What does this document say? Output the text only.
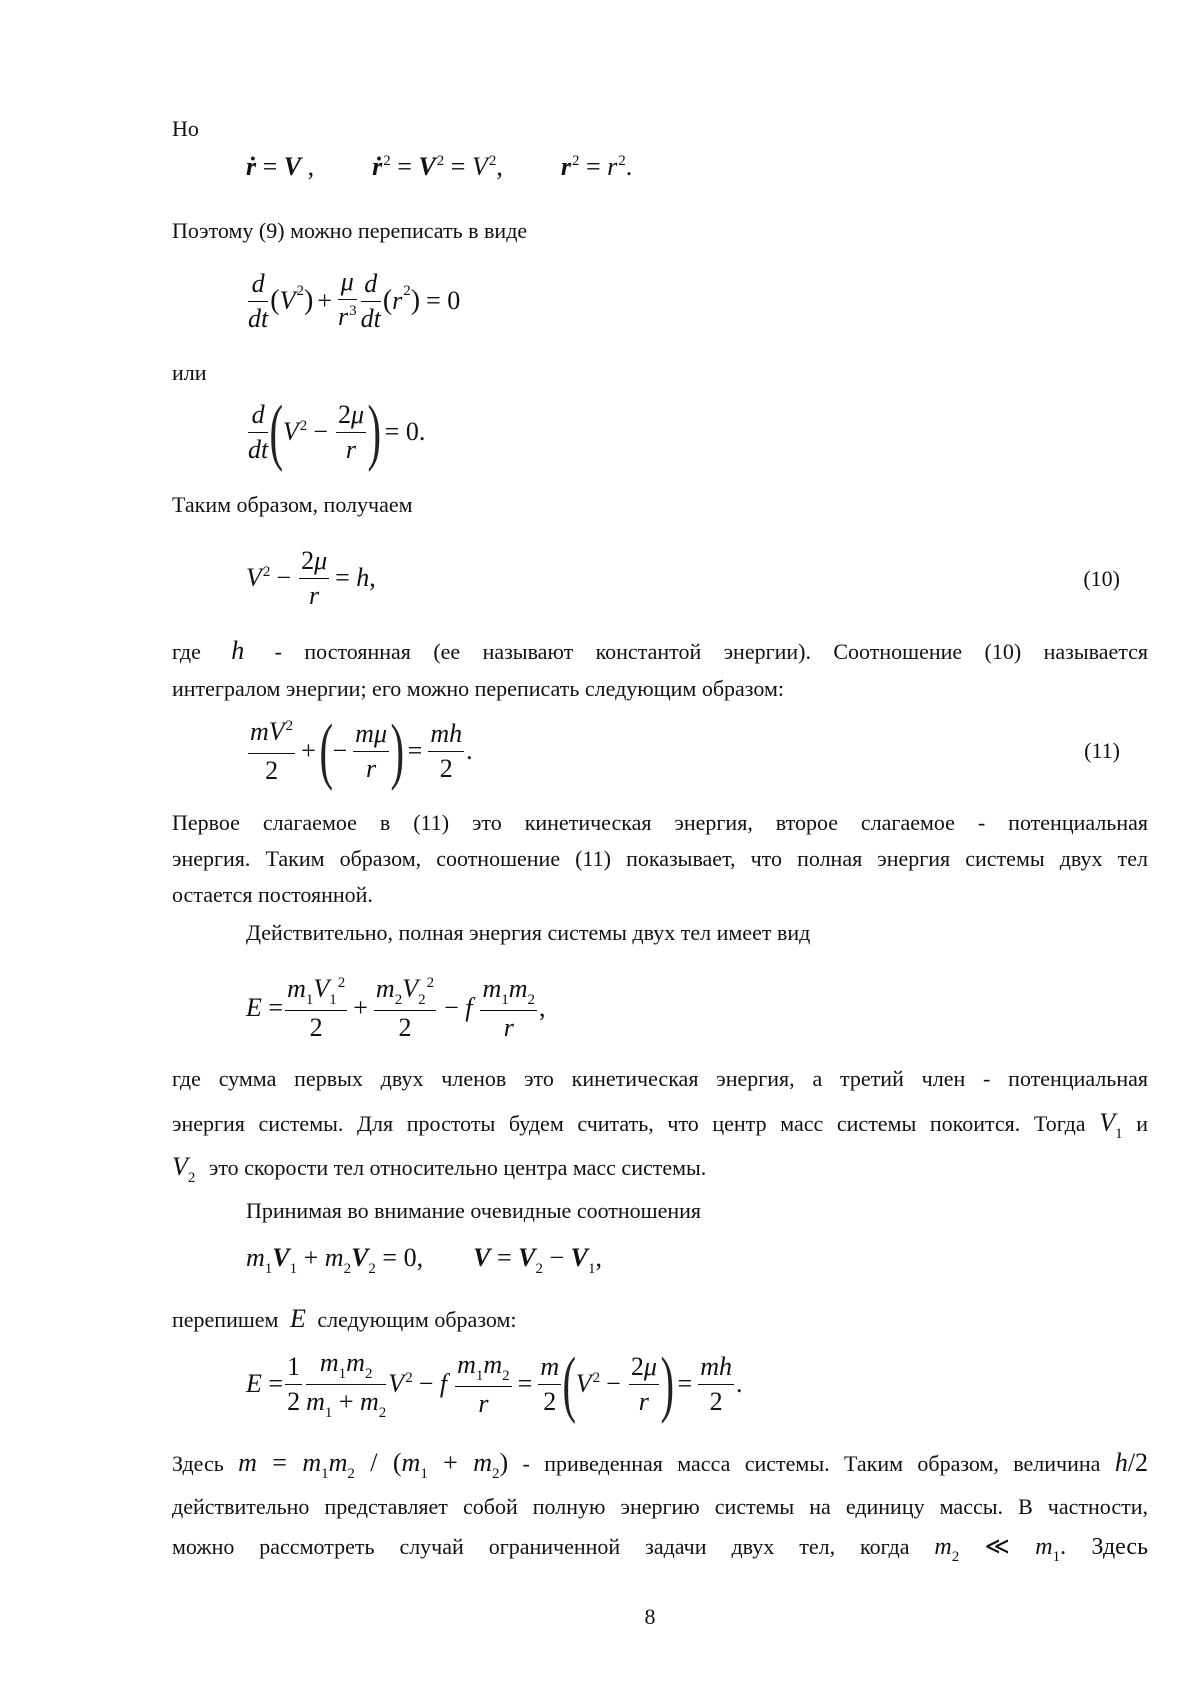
Но
ṙ = V , ṙ$^2$ = $V^2 = V^2$, $r^2 = r^2$.
Поэтому (9) можно переписать в виде
$\frac{d}{dt}$ ( $V^2$ ) + $\frac{\mu}{r^3} \frac{d}{dt}$ ( $r^2$ ) = 0
или
$\frac{d}{dt}$ ( $V^2 - \frac{2\mu}{r}$ ) = 0.
Таким образом, получаем
$V^2 - \frac{2\mu}{r} = h$,	(10)
где h - постоянная (ее называют константой энергии). Соотношение (10) называется
интегралом энергии; его можно переписать следующим образом:
$\frac{mV^2}{2}$ + ( − $\frac{m\mu}{r}$ ) = $\frac{mh}{2}$ .	(11)
Первое слагаемое в (11) это кинетическая энергия, второе слагаемое - потенциальная
энергия. Таким образом, соотношение (11) показывает, что полная энергия системы двух тел
остается постоянной.
Действительно, полная энергия системы двух тел имеет вид
$E = \frac{m_1V_1^2}{2} + \frac{m_2V_2^2}{2} - f \frac{m_1m_2}{r}$ ,
где сумма первых двух членов это кинетическая энергия, а третий член - потенциальная
энергия системы. Для простоты будем считать, что центр масс системы покоится. Тогда $V_1$ и
$V_2$ это скорости тел относительно центра масс системы.
Принимая во внимание очевидные соотношения
$m_1V_1 + m_2V_2 = 0$, $V = V_2 - V_1$,
перепишем E следующим образом:
$E = \frac{1}{2} \frac{m_1m_2}{m_1 + m_2} V^2 - f \frac{m_1m_2}{r} = \frac{m}{2}$ ( $V^2 - \frac{2\mu}{r}$ ) = $\frac{mh}{2}$ .
Здесь $m = m_1m_2 / (m_1 + m_2)$ - приведенная масса системы. Таким образом, величина h/2
действительно представляет собой полную энергию системы на единицу массы. В частности,
можно рассмотреть случай ограниченной задачи двух тел, когда $m_2$ ≪ $m_1$. Здесь
8
